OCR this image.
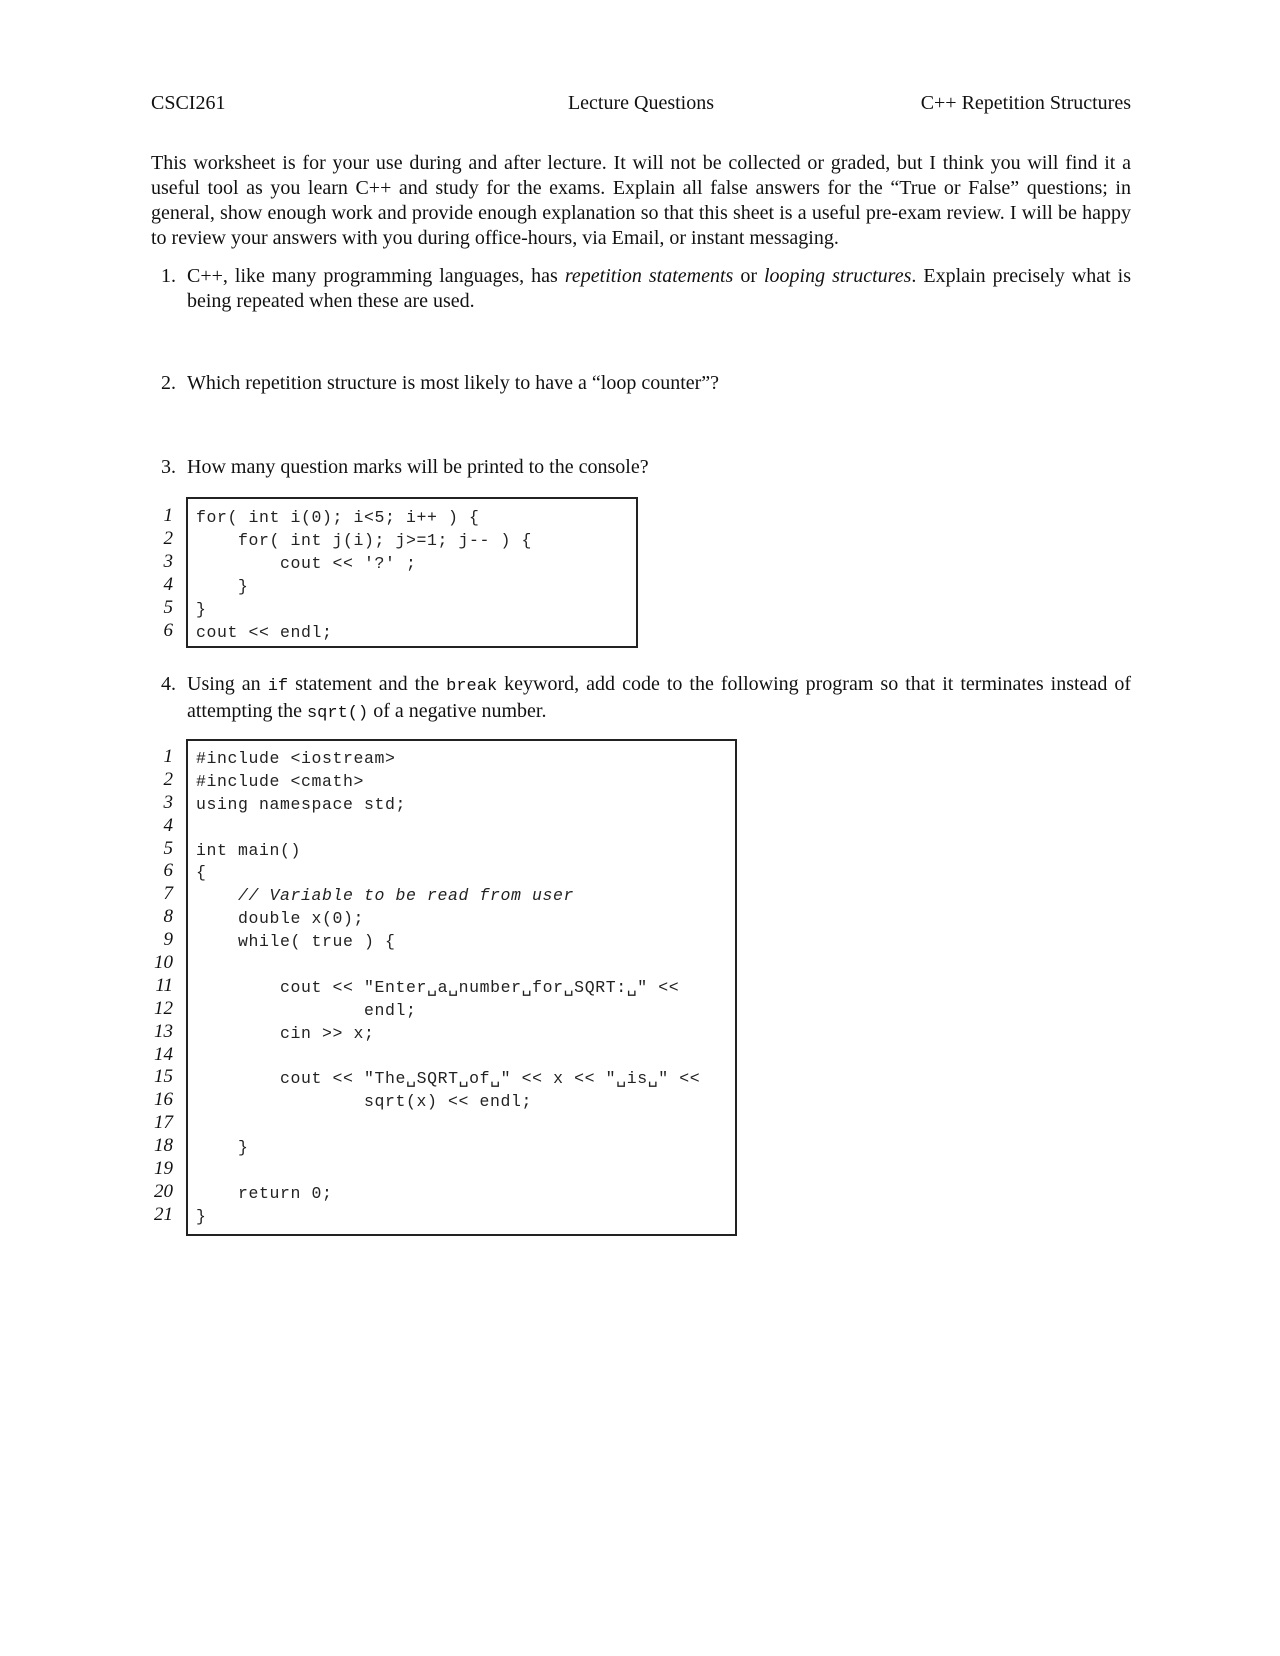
CSCI261	Lecture Questions	C++ Repetition Structures
This worksheet is for your use during and after lecture. It will not be collected or graded, but I think you will find it a useful tool as you learn C++ and study for the exams. Explain all false answers for the “True or False” questions; in general, show enough work and provide enough explanation so that this sheet is a useful pre-exam review. I will be happy to review your answers with you during office-hours, via Email, or instant messaging.
1. C++, like many programming languages, has repetition statements or looping structures. Explain precisely what is being repeated when these are used.
2. Which repetition structure is most likely to have a “loop counter”?
3. How many question marks will be printed to the console?
1
2
3
4
5
6
for( int i(0); i<5; i++ ) {
for( int j(i); j>=1; j-- ) {
cout << '?' ;
}
}
cout << endl;
4. Using an if statement and the break keyword, add code to the following program so that it terminates instead of attempting the sqrt() of a negative number.
1
2
3
4
5
6
7
8
9
10
11
12
13
14
15
16
17
18
19
20
21
#include <iostream>
#include <cmath>
using namespace std;
int main()
{
// Variable to be read from user
double x(0);
while( true ) {
cout << "Enter␣a␣number␣for␣SQRT:␣" <<
endl;
cin >> x;
cout << "The␣SQRT␣of␣" << x << "␣is␣" <<
sqrt(x) << endl;
}
return 0;
}
